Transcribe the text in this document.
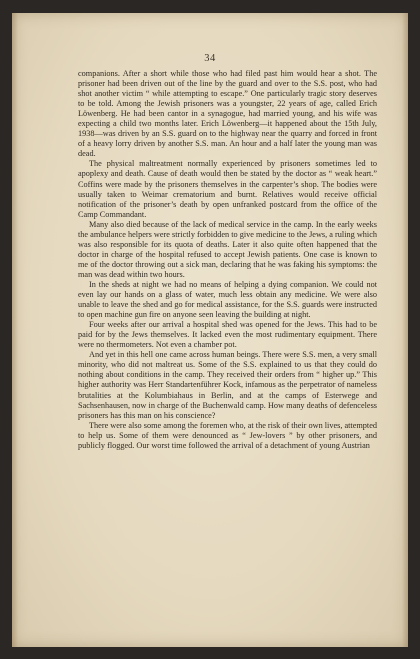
34

companions. After a short while those who had filed past him would hear a shot. The prisoner had been driven out of the line by the guard and over to the S.S. post, who had shot another victim “ while attempting to escape.” One particularly tragic story deserves to be told. Among the Jewish prisoners was a youngster, 22 years of age, called Erich Löwenberg. He had been cantor in a synagogue, had married young, and his wife was expecting a child two months later. Erich Löwenberg—it happened about the 15th July, 1938—was driven by an S.S. guard on to the highway near the quarry and forced in front of a heavy lorry driven by another S.S. man. An hour and a half later the young man was dead.

The physical maltreatment normally experienced by prisoners sometimes led to apoplexy and death. Cause of death would then be stated by the doctor as “ weak heart.” Coffins were made by the prisoners themselves in the carpenter’s shop. The bodies were usually taken to Weimar crematorium and burnt. Relatives would receive official notification of the prisoner’s death by open unfranked postcard from the office of the Camp Commandant.

Many also died because of the lack of medical service in the camp. In the early weeks the ambulance helpers were strictly forbidden to give medicine to the Jews, a ruling which was also responsible for its quota of deaths. Later it also quite often happened that the doctor in charge of the hospital refused to accept Jewish patients. One case is known to me of the doctor throwing out a sick man, declaring that he was faking his symptoms: the man was dead within two hours.

In the sheds at night we had no means of helping a dying companion. We could not even lay our hands on a glass of water, much less obtain any medicine. We were also unable to leave the shed and go for medical assistance, for the S.S. guards were instructed to open machine gun fire on anyone seen leaving the building at night.

Four weeks after our arrival a hospital shed was opened for the Jews. This had to be paid for by the Jews themselves. It lacked even the most rudimentary equipment. There were no thermometers. Not even a chamber pot.

And yet in this hell one came across human beings. There were S.S. men, a very small minority, who did not maltreat us. Some of the S.S. explained to us that they could do nothing about conditions in the camp. They received their orders from “ higher up.” This higher authority was Herr Standartenführer Kock, infamous as the perpetrator of nameless brutalities at the Kolumbiahaus in Berlin, and at the camps of Esterwege and Sachsenhausen, now in charge of the Buchenwald camp. How many deaths of defenceless prisoners has this man on his conscience?

There were also some among the foremen who, at the risk of their own lives, attempted to help us. Some of them were denounced as “ Jew-lovers ” by other prisoners, and publicly flogged. Our worst time followed the arrival of a detachment of young Austrian
